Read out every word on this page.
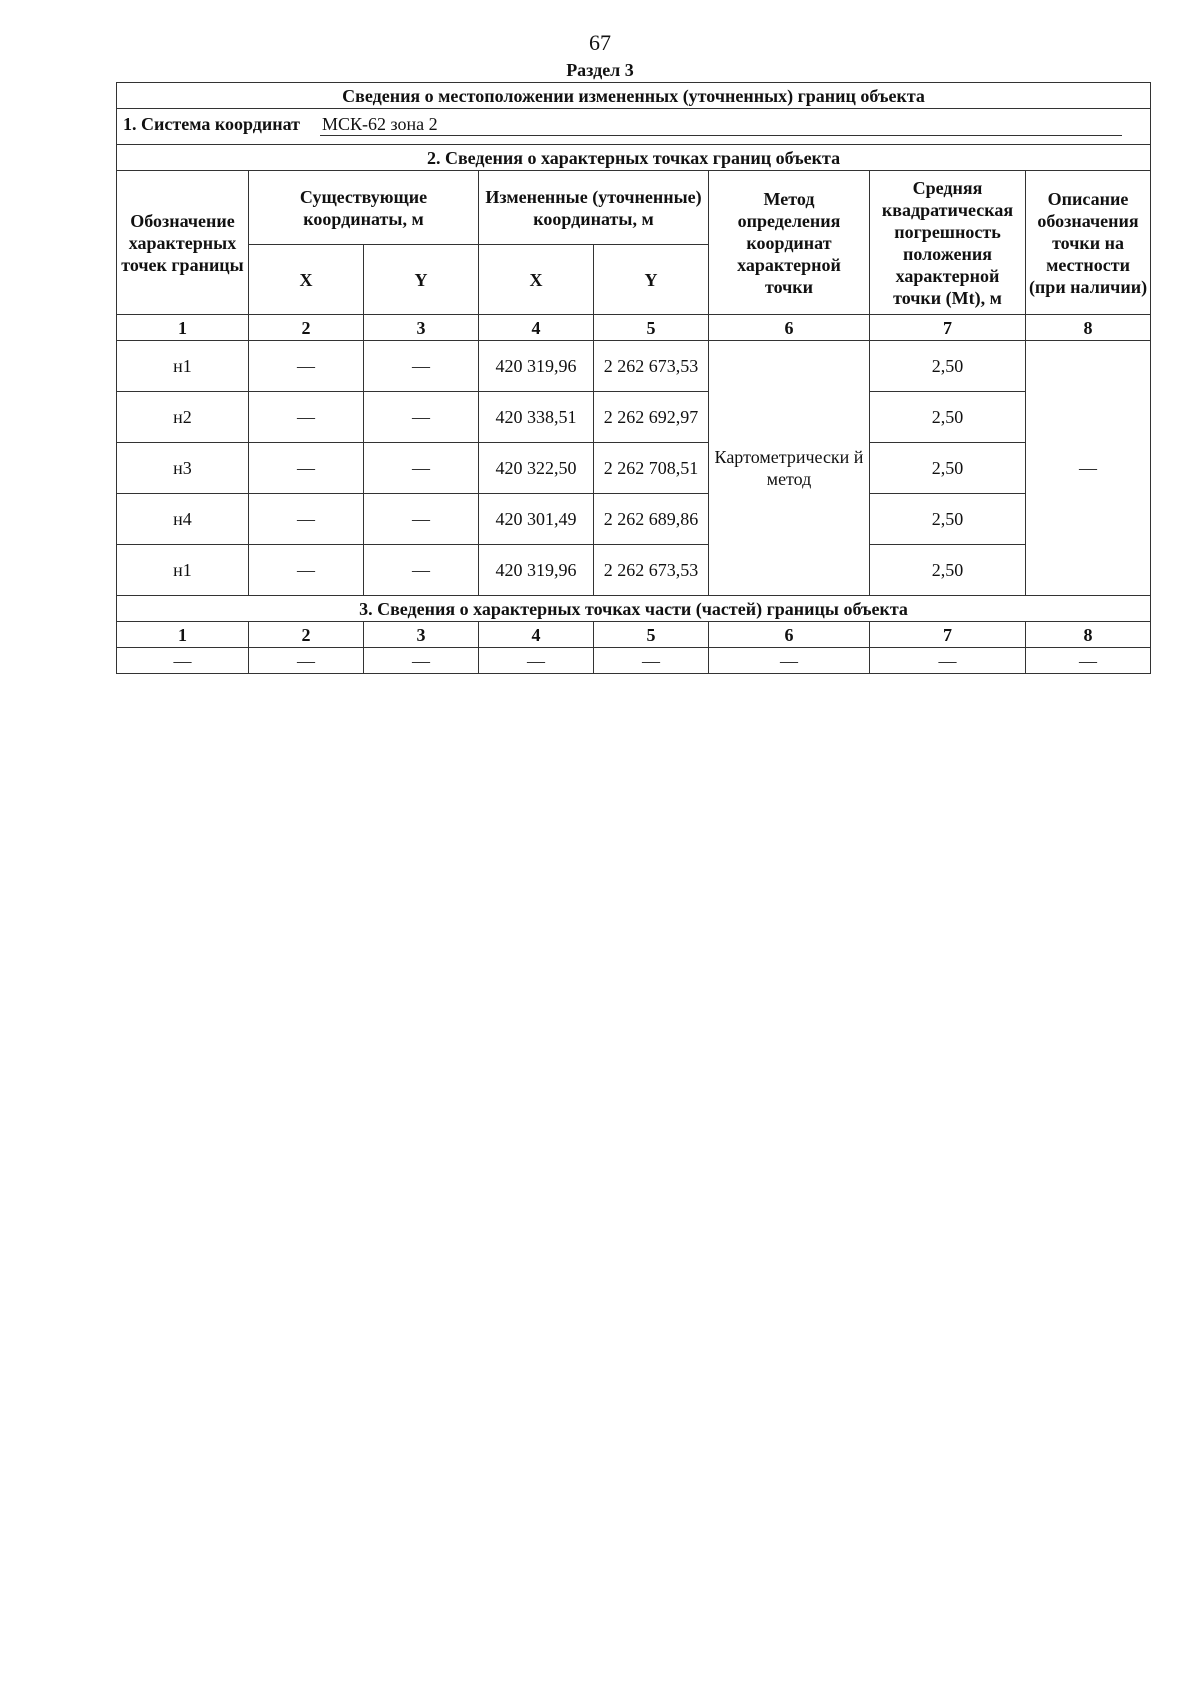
67
Раздел 3
Сведения о местоположении измененных (уточненных) границ объекта							
1. Система координат МСК-62 зона 2							
2. Сведения о характерных точках границ объекта							
Обозначение характерных точек границы	Существующие координаты, м		Измененные (уточненные) координаты, м		Метод определения координат характерной точки	Средняя квадратическая погрешность положения характерной точки (Mt), м	Описание обозначения точки на местности (при наличии)
	X	Y	X	Y			
1	2	3	4	5	6	7	8
н1	—	—	420 319,96	2 262 673,53	Картометрически й метод	2,50	—
н2	—	—	420 338,51	2 262 692,97		2,50	
н3	—	—	420 322,50	2 262 708,51		2,50	
н4	—	—	420 301,49	2 262 689,86		2,50	
н1	—	—	420 319,96	2 262 673,53		2,50	
3. Сведения о характерных точках части (частей) границы объекта							
1	2	3	4	5	6	7	8
—	—	—	—	—	—	—	—
